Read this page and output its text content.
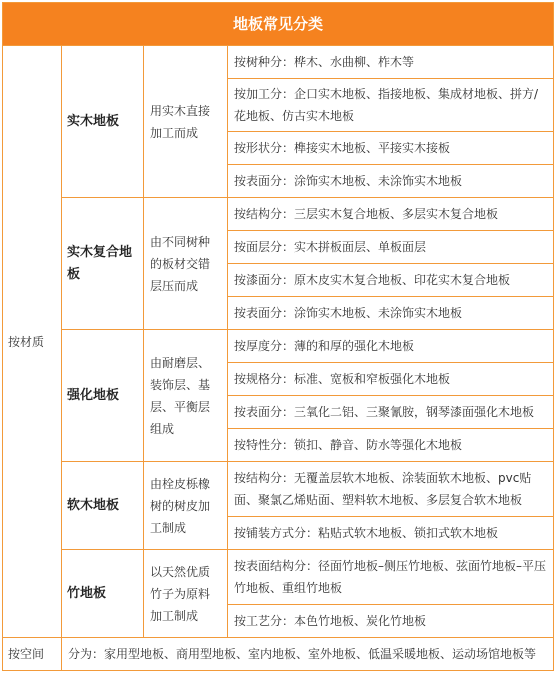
地板常见分类			
按材质	实木地板	用实木直接加工而成	按树种分：桦木、水曲柳、柞木等
			按加工分：企口实木地板、指接地板、集成材地板、拼方/花地板、仿古实木地板
			按形状分：榫接实木地板、平接实木接板
			按表面分：涂饰实木地板、未涂饰实木地板
	实木复合地板	由不同树种的板材交错层压而成	按结构分：三层实木复合地板、多层实木复合地板
			按面层分：实木拼板面层、单板面层
			按漆面分：原木皮实木复合地板、印花实木复合地板
			按表面分：涂饰实木地板、未涂饰实木地板
	强化地板	由耐磨层、装饰层、基层、平衡层组成	按厚度分：薄的和厚的强化木地板
			按规格分：标准、宽板和窄板强化木地板
			按表面分：三氧化二铝、三聚氰胺，钢琴漆面强化木地板
			按特性分：锁扣、静音、防水等强化木地板
	软木地板	由栓皮栎橡树的树皮加工制成	按结构分：无覆盖层软木地板、涂装面软木地板、pvc贴面、聚氯乙烯贴面、塑料软木地板、多层复合软木地板
			按铺装方式分：粘贴式软木地板、锁扣式软木地板
	竹地板	以天然优质竹子为原料加工制成	按表面结构分：径面竹地板–侧压竹地板、弦面竹地板–平压竹地板、重组竹地板
			按工艺分：本色竹地板、炭化竹地板
按空间	分为：家用型地板、商用型地板、室内地板、室外地板、低温采暖地板、运动场馆地板等		
